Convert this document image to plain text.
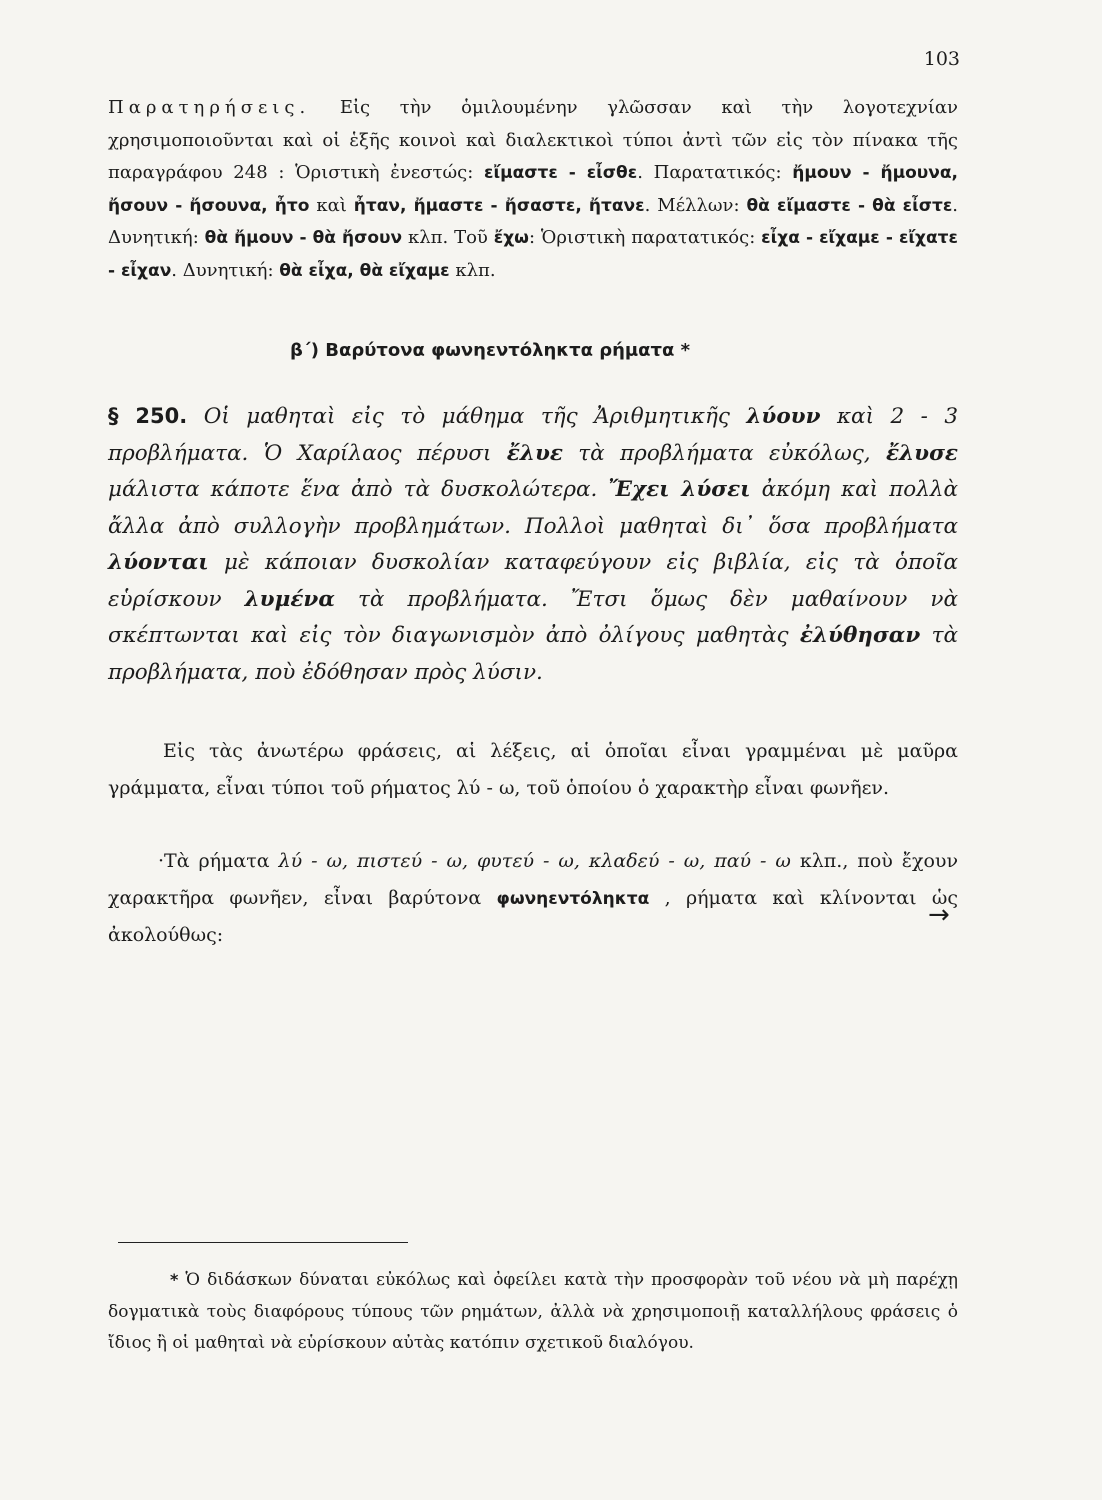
103
Παρατηρήσεις. Εἰς τὴν ὁμιλουμένην γλῶσσαν καὶ τὴν λογοτεχνίαν χρησιμοποιοῦνται καὶ οἱ ἑξῆς κοινοὶ καὶ διαλεκτικοὶ τύποι ἀντὶ τῶν εἰς τὸν πίνακα τῆς παραγράφου 248 : Ὁριστικὴ ἐνεστώς: εἴμαστε - εἶσθε. Παρατατικός: ἤμουν - ἤμουνα, ἤσουν - ἤσουνα, ἦτο καὶ ἦταν, ἤμαστε - ἤσαστε, ἤτανε. Μέλλων: θὰ εἴμαστε - θὰ εἶστε. Δυνητική: θὰ ἤμουν - θὰ ἤσουν κλπ. Τοῦ ἔχω: Ὁριστικὴ παρατατικός: εἶχα - εἴχαμε - εἴχατε - εἶχαν. Δυνητική: θὰ εἶχα, θὰ εἴχαμε κλπ.
β΄) Βαρύτονα φωνηεντόληκτα ρήματα *
§ 250. Οἱ μαθηταὶ εἰς τὸ μάθημα τῆς Ἀριθμητικῆς λύουν καὶ 2 - 3 προβλήματα. Ὁ Χαρίλαος πέρυσι ἔλυε τὰ προβλήματα εὐκόλως, ἔλυσε μάλιστα κάποτε ἕνα ἀπὸ τὰ δυσκολώτερα. Ἔχει λύσει ἀκόμη καὶ πολλὰ ἄλλα ἀπὸ συλλογὴν προβλημάτων. Πολλοὶ μαθηταὶ δι᾽ ὅσα προβλήματα λύονται μὲ κάποιαν δυσκολίαν καταφεύγουν εἰς βιβλία, εἰς τὰ ὁποῖα εὑρίσκουν λυμένα τὰ προβλήματα. Ἔτσι ὅμως δὲν μαθαίνουν νὰ σκέπτωνται καὶ εἰς τὸν διαγωνισμὸν ἀπὸ ὀλίγους μαθητὰς ἐλύθησαν τὰ προβλήματα, ποὺ ἐδόθησαν πρὸς λύσιν.
Εἰς τὰς ἀνωτέρω φράσεις, αἱ λέξεις, αἱ ὁποῖαι εἶναι γραμμέναι μὲ μαῦρα γράμματα, εἶναι τύποι τοῦ ρήματος λύ - ω, τοῦ ὁποίου ὁ χαρακτὴρ εἶναι φωνῆεν.
·Τὰ ρήματα λύ - ω, πιστεύ - ω, φυτεύ - ω, κλαδεύ - ω, παύ - ω κλπ., ποὺ ἔχουν χαρακτῆρα φωνῆεν, εἶναι βαρύτονα φωνηεντόληκτα , ρήματα καὶ κλίνονται ὡς ἀκολούθως:
→
* Ὁ διδάσκων δύναται εὐκόλως καὶ ὀφείλει κατὰ τὴν προσφορὰν τοῦ νέου νὰ μὴ παρέχῃ δογματικὰ τοὺς διαφόρους τύπους τῶν ρημάτων, ἀλλὰ νὰ χρησιμοποιῇ καταλλήλους φράσεις ὁ ἴδιος ἢ οἱ μαθηταὶ νὰ εὑρίσκουν αὐτὰς κατόπιν σχετικοῦ διαλόγου.
